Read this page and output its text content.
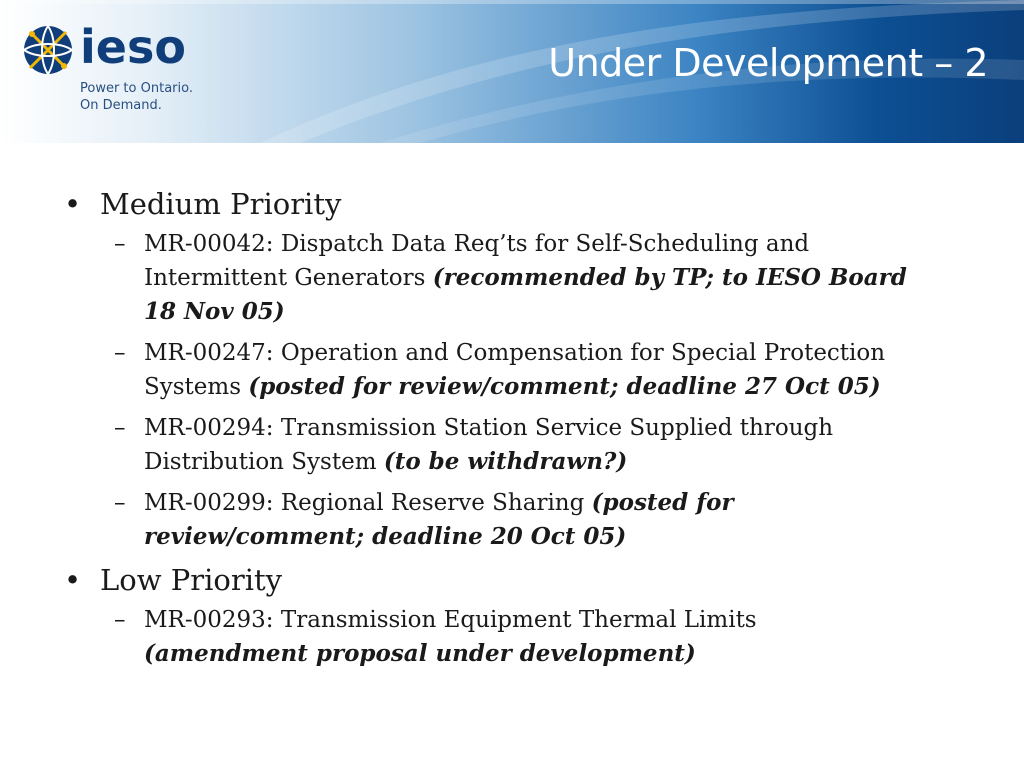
ieso
Power to Ontario.
On Demand.
Under Development – 2
• Medium Priority
– MR-00042: Dispatch Data Req’ts for Self-Scheduling and Intermittent Generators (recommended by TP; to IESO Board 18 Nov 05)
– MR-00247: Operation and Compensation for Special Protection Systems (posted for review/comment; deadline 27 Oct 05)
– MR-00294: Transmission Station Service Supplied through Distribution System (to be withdrawn?)
– MR-00299: Regional Reserve Sharing (posted for review/comment; deadline 20 Oct 05)
• Low Priority
– MR-00293: Transmission Equipment Thermal Limits (amendment proposal under development)
